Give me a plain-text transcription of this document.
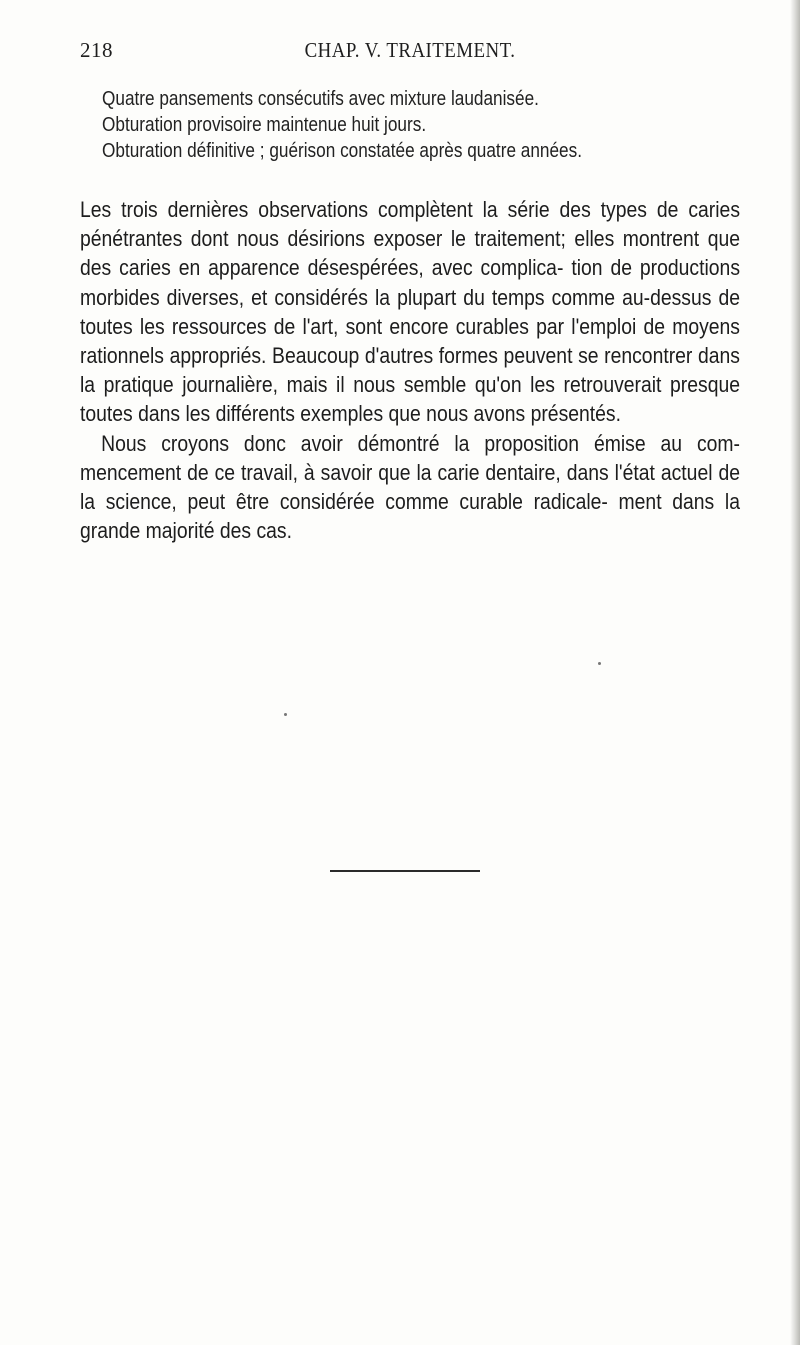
218	CHAP. V. TRAITEMENT.
Quatre pansements consécutifs avec mixture laudanisée.
Obturation provisoire maintenue huit jours.
Obturation définitive ; guérison constatée après quatre années.

Les trois dernières observations complètent la série des types de caries pénétrantes dont nous désirions exposer le traitement; elles montrent que des caries en apparence désespérées, avec complica- tion de productions morbides diverses, et considérés la plupart du temps comme au-dessus de toutes les ressources de l'art, sont encore curables par l'emploi de moyens rationnels appropriés. Beaucoup d'autres formes peuvent se rencontrer dans la pratique journalière, mais il nous semble qu'on les retrouverait presque toutes dans les différents exemples que nous avons présentés.

Nous croyons donc avoir démontré la proposition émise au com- mencement de ce travail, à savoir que la carie dentaire, dans l'état actuel de la science, peut être considérée comme curable radicale- ment dans la grande majorité des cas.
